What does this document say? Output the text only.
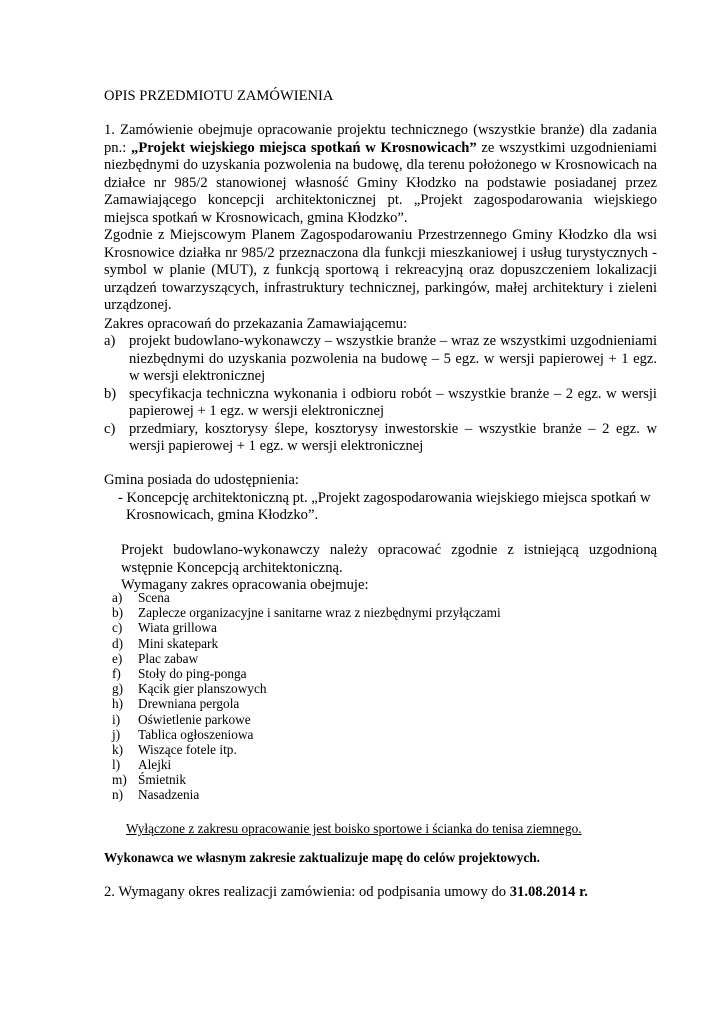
OPIS PRZEDMIOTU ZAMÓWIENIA

1. Zamówienie obejmuje opracowanie projektu technicznego (wszystkie branże) dla zadania pn.: „Projekt wiejskiego miejsca spotkań w Krosnowicach” ze wszystkimi uzgodnieniami niezbędnymi do uzyskania pozwolenia na budowę, dla terenu położonego w Krosnowicach na działce nr 985/2 stanowionej własność Gminy Kłodzko na podstawie posiadanej przez Zamawiającego koncepcji architektonicznej pt. „Projekt zagospodarowania wiejskiego miejsca spotkań w Krosnowicach, gmina Kłodzko”.

Zgodnie z Miejscowym Planem Zagospodarowaniu Przestrzennego Gminy Kłodzko dla wsi Krosnowice działka nr 985/2 przeznaczona dla funkcji mieszkaniowej i usług turystycznych - symbol w planie (MUT), z funkcją sportową i rekreacyjną oraz dopuszczeniem lokalizacji urządzeń towarzyszących, infrastruktury technicznej, parkingów, małej architektury i zieleni urządzonej.

Zakres opracowań do przekazania Zamawiającemu:
a) projekt budowlano-wykonawczy – wszystkie branże – wraz ze wszystkimi uzgodnieniami niezbędnymi do uzyskania pozwolenia na budowę – 5 egz. w wersji papierowej + 1 egz. w wersji elektronicznej
b) specyfikacja techniczna wykonania i odbioru robót – wszystkie branże – 2 egz. w wersji papierowej + 1 egz. w wersji elektronicznej
c) przedmiary, kosztorysy ślepe, kosztorysy inwestorskie – wszystkie branże – 2 egz. w wersji papierowej + 1 egz. w wersji elektronicznej
Gmina posiada do udostępnienia:
- Koncepcję architektoniczną pt. „Projekt zagospodarowania wiejskiego miejsca spotkań w
Krosnowicach, gmina Kłodzko”.
Projekt budowlano-wykonawczy należy opracować zgodnie z istniejącą uzgodnioną wstępnie Koncepcją architektoniczną.
Wymagany zakres opracowania obejmuje:
a) Scena
b) Zaplecze organizacyjne i sanitarne wraz z niezbędnymi przyłączami
c) Wiata grillowa
d) Mini skatepark
e) Plac zabaw
f) Stoły do ping-ponga
g) Kącik gier planszowych
h) Drewniana pergola
i) Oświetlenie parkowe
j) Tablica ogłoszeniowa
k) Wiszące fotele itp.
l) Alejki
m) Śmietnik
n) Nasadzenia
Wyłączone z zakresu opracowanie jest boisko sportowe i ścianka do tenisa ziemnego.
Wykonawca we własnym zakresie zaktualizuje mapę do celów projektowych.
2. Wymagany okres realizacji zamówienia: od podpisania umowy do 31.08.2014 r.
